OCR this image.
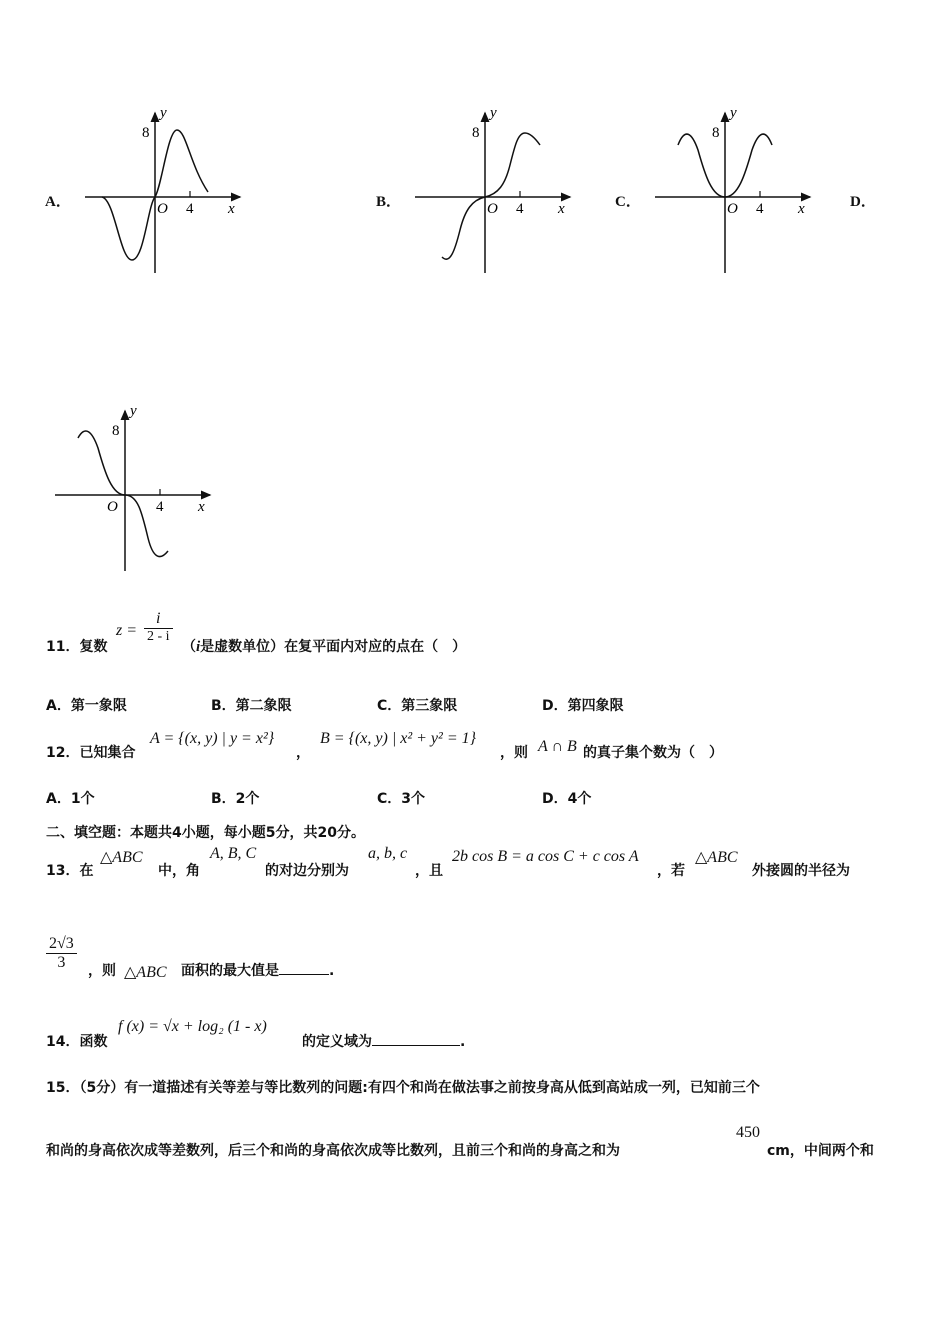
A．	B．	C．	D．
y
8
O 4 x
y
8
O 4 x
y
8
O 4 x
y
8
O	4 x
11．复数
$z = \frac{i}{2 - i}$
（i是虚数单位）在复平面内对应的点在（　）
A．第一象限	B．第二象限	C．第三象限	D．第四象限
12．已知集合
A = {(x, y) | y = x²}
，
B = {(x, y) | x² + y² = 1}
，则 A ∩ B 的真子集个数为（　）
A．1个	B．2个	C．3个	D．4个
二、填空题：本题共4小题，每小题5分，共20分。
13．在
△ABC
中，角
A, B, C
的对边分别为
a, b, c
，且
2b cos B = a cos C + c cos A
，若
△ABC
外接圆的半径为
$\frac{2√3}{3}$ ，则 △ABC 面积的最大值是	.
14．函数
f (x) = √x + log₂ (1 - x)
的定义域为	.
15．（5分）有一道描述有关等差与等比数列的问题:有四个和尚在做法事之前按身高从低到高站成一列，已知前三个
和尚的身高依次成等差数列，后三个和尚的身高依次成等比数列，且前三个和尚的身高之和为
450
cm，中间两个和
